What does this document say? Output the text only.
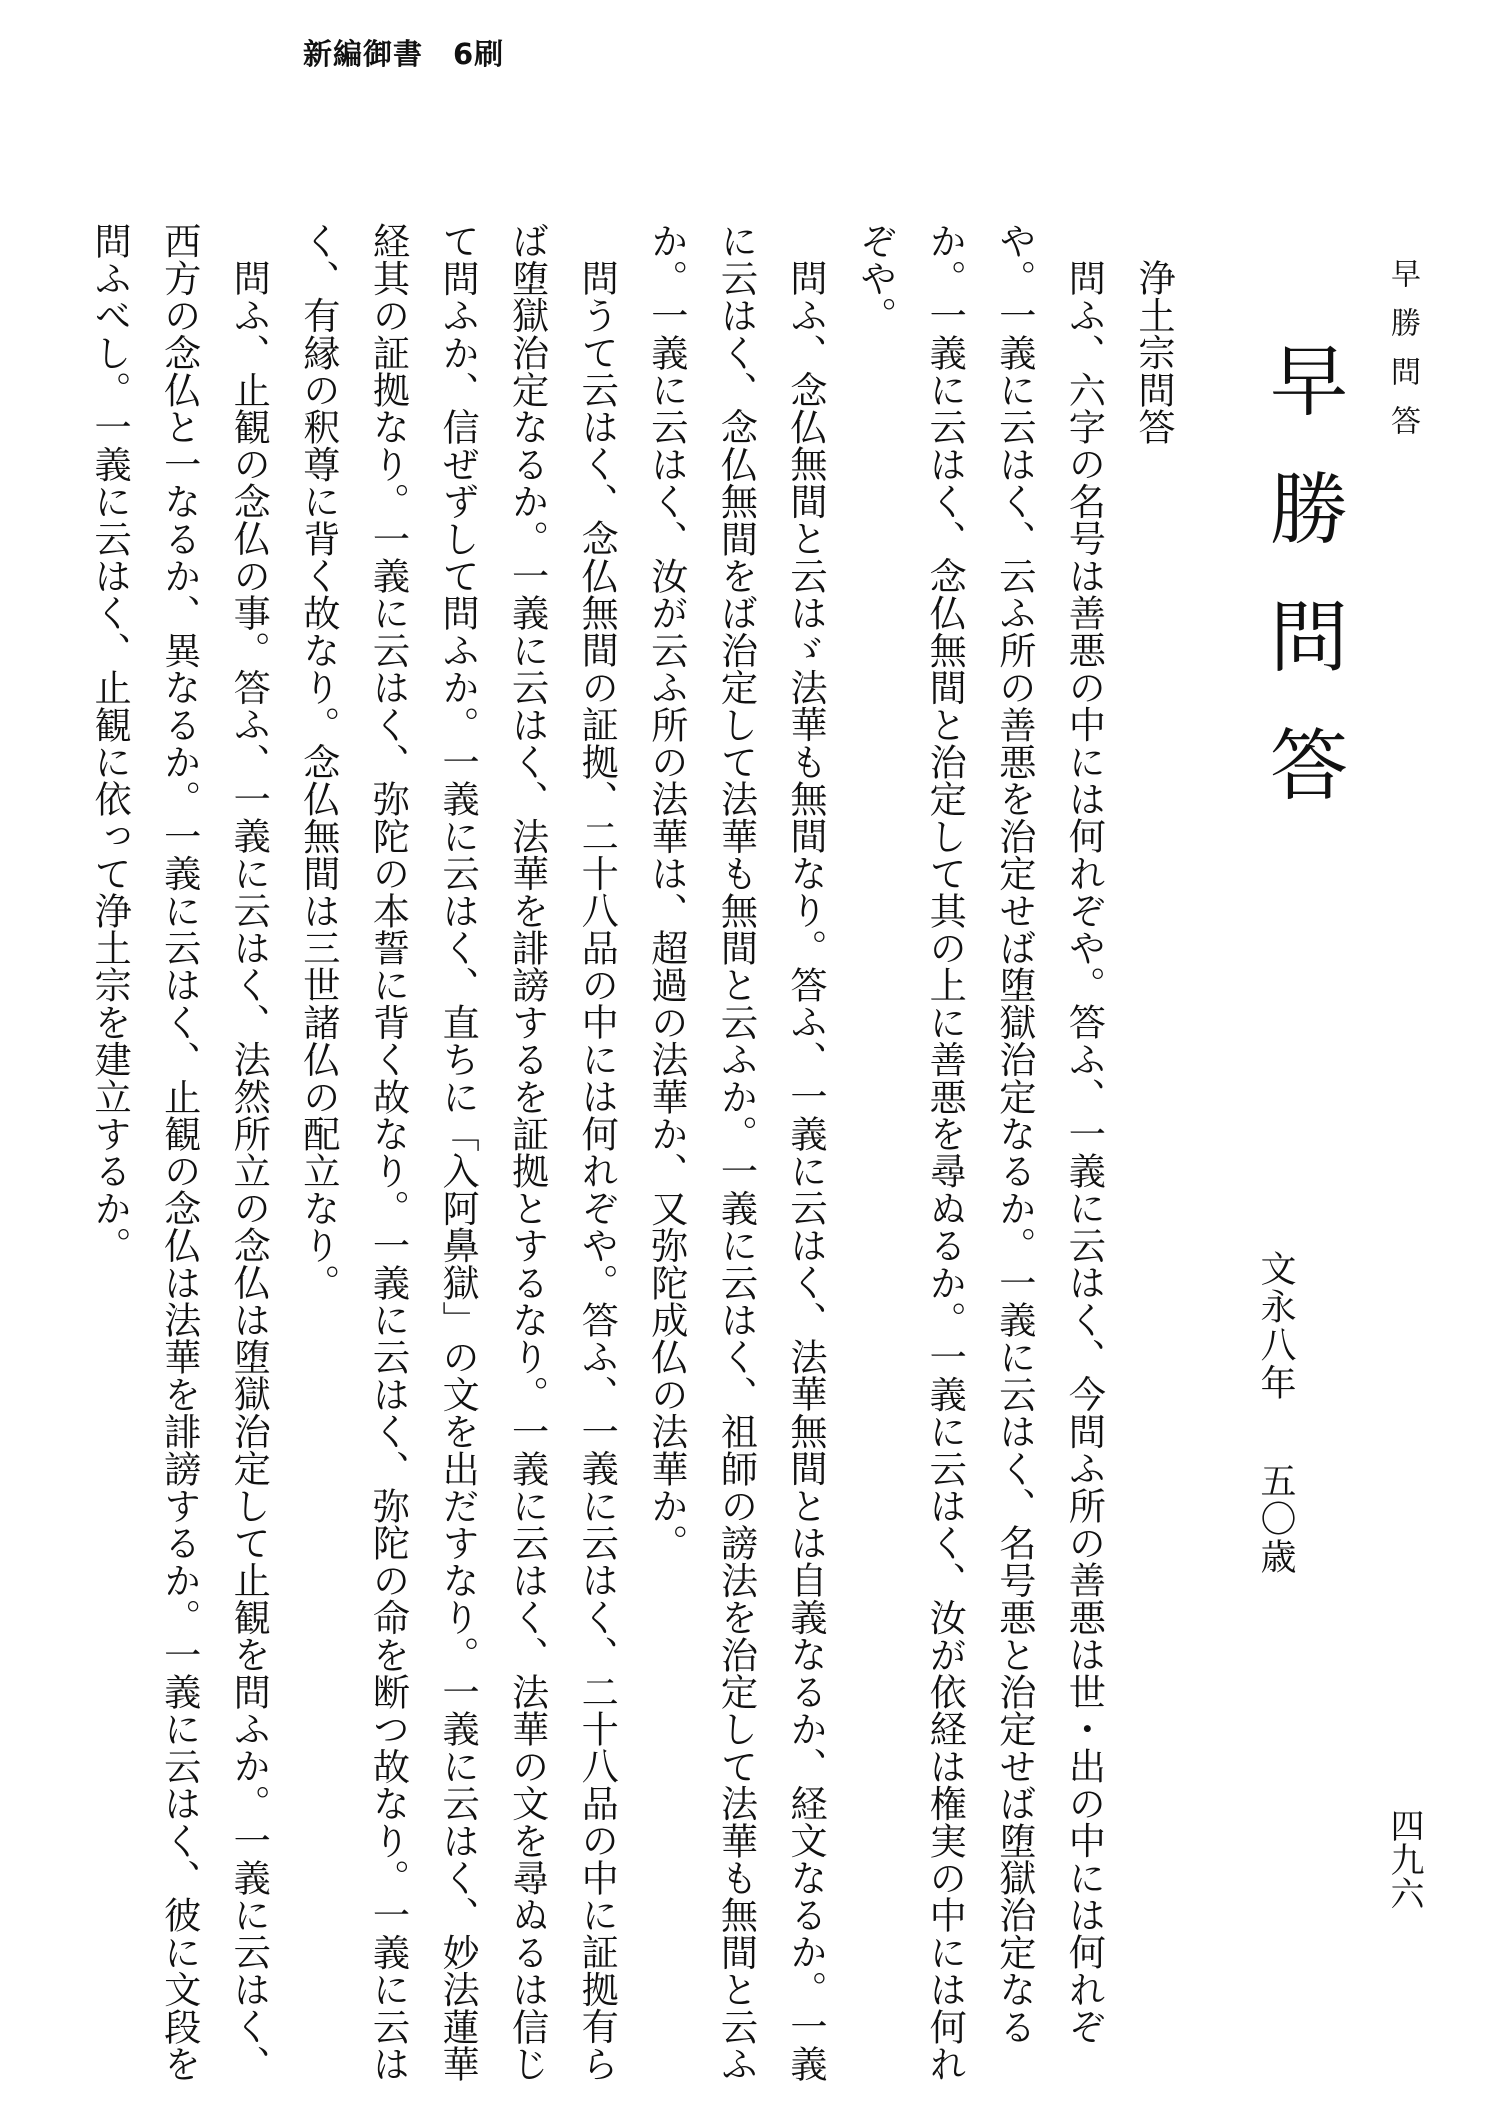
新編御書　6刷
早勝問答
四九六
早勝問答
文永八年五〇歳

浄土宗問答

問ふ、六字の名号は善悪の中には何れぞや。答ふ、一義に云はく、今問ふ所の善悪は世・出の中には何れぞや。一義に云はく、云ふ所の善悪を治定せば堕獄治定なるか。一義に云はく、名号悪と治定せば堕獄治定なるか。一義に云はく、念仏無間と治定して其の上に善悪を尋ぬるか。一義に云はく、汝が依経は権実の中には何れぞや。

問ふ、念仏無間と云はゞ法華も無間なり。答ふ、一義に云はく、法華無間とは自義なるか、経文なるか。一義に云はく、念仏無間をば治定して法華も無間と云ふか。一義に云はく、祖師の謗法を治定して法華も無間と云ふか。一義に云はく、汝が云ふ所の法華は、超過の法華か、又弥陀成仏の法華か。

問うて云はく、念仏無間の証拠、二十八品の中には何れぞや。答ふ、一義に云はく、二十八品の中に証拠有らば堕獄治定なるか。一義に云はく、法華を誹謗するを証拠とするなり。一義に云はく、法華の文を尋ぬるは信じて問ふか、信ぜずして問ふか。一義に云はく、直ちに「入阿鼻獄」の文を出だすなり。一義に云はく、妙法蓮華経其の証拠なり。一義に云はく、弥陀の本誓に背く故なり。一義に云はく、弥陀の命を断つ故なり。一義に云はく、有縁の釈尊に背く故なり。念仏無間は三世諸仏の配立なり。

問ふ、止観の念仏の事。答ふ、一義に云はく、法然所立の念仏は堕獄治定して止観を問ふか。一義に云はく、西方の念仏と一なるか、異なるか。一義に云はく、止観の念仏は法華を誹謗するか。一義に云はく、彼に文段を問ふべし。一義に云はく、止観に依って浄土宗を建立するか。
